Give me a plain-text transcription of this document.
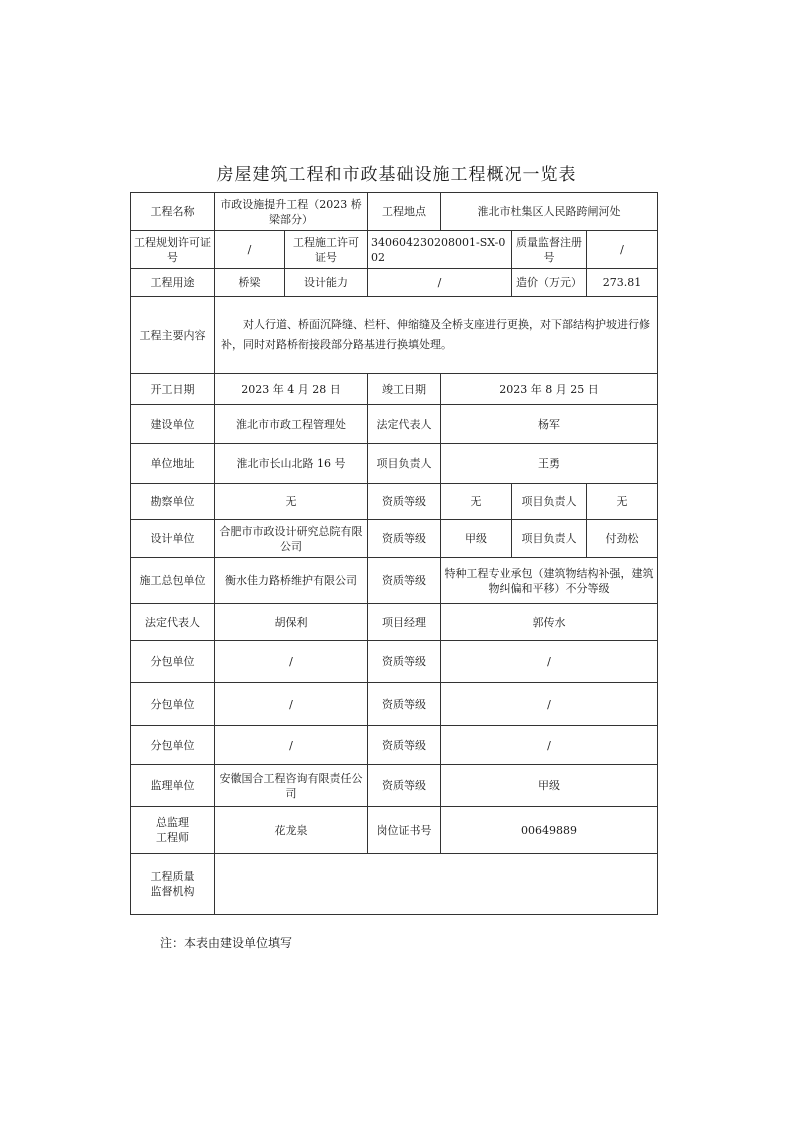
房屋建筑工程和市政基础设施工程概况一览表
工程名称	市政设施提升工程（2023 桥梁部分）		工程地点	淮北市杜集区人民路跨闸河处		
工程规划许可证号	/	工程施工许可证号	340604230208001-SX-002		质量监督注册号	/
工程用途	桥梁	设计能力	/		造价（万元）	273.81
工程主要内容	对人行道、桥面沉降缝、栏杆、伸缩缝及全桥支座进行更换，对下部结构护坡进行修补，同时对路桥衔接段部分路基进行换填处理。					
开工日期	2023 年 4 月 28 日		竣工日期	2023 年 8 月 25 日		
建设单位	淮北市市政工程管理处		法定代表人	杨军		
单位地址	淮北市长山北路 16 号		项目负责人	王勇		
勘察单位	无		资质等级	无	项目负责人	无
设计单位	合肥市市政设计研究总院有限公司		资质等级	甲级	项目负责人	付劲松
施工总包单位	衡水佳力路桥维护有限公司		资质等级	特种工程专业承包（建筑物结构补强，建筑物纠偏和平移）不分等级		
法定代表人	胡保利		项目经理	郭传水		
分包单位	/		资质等级	/		
分包单位	/		资质等级	/		
分包单位	/		资质等级	/		
监理单位	安徽国合工程咨询有限责任公司		资质等级	甲级		

总监理
工程师	花龙泉		岗位证书号	00649889		

工程质量
监督机构						

注：本表由建设单位填写
